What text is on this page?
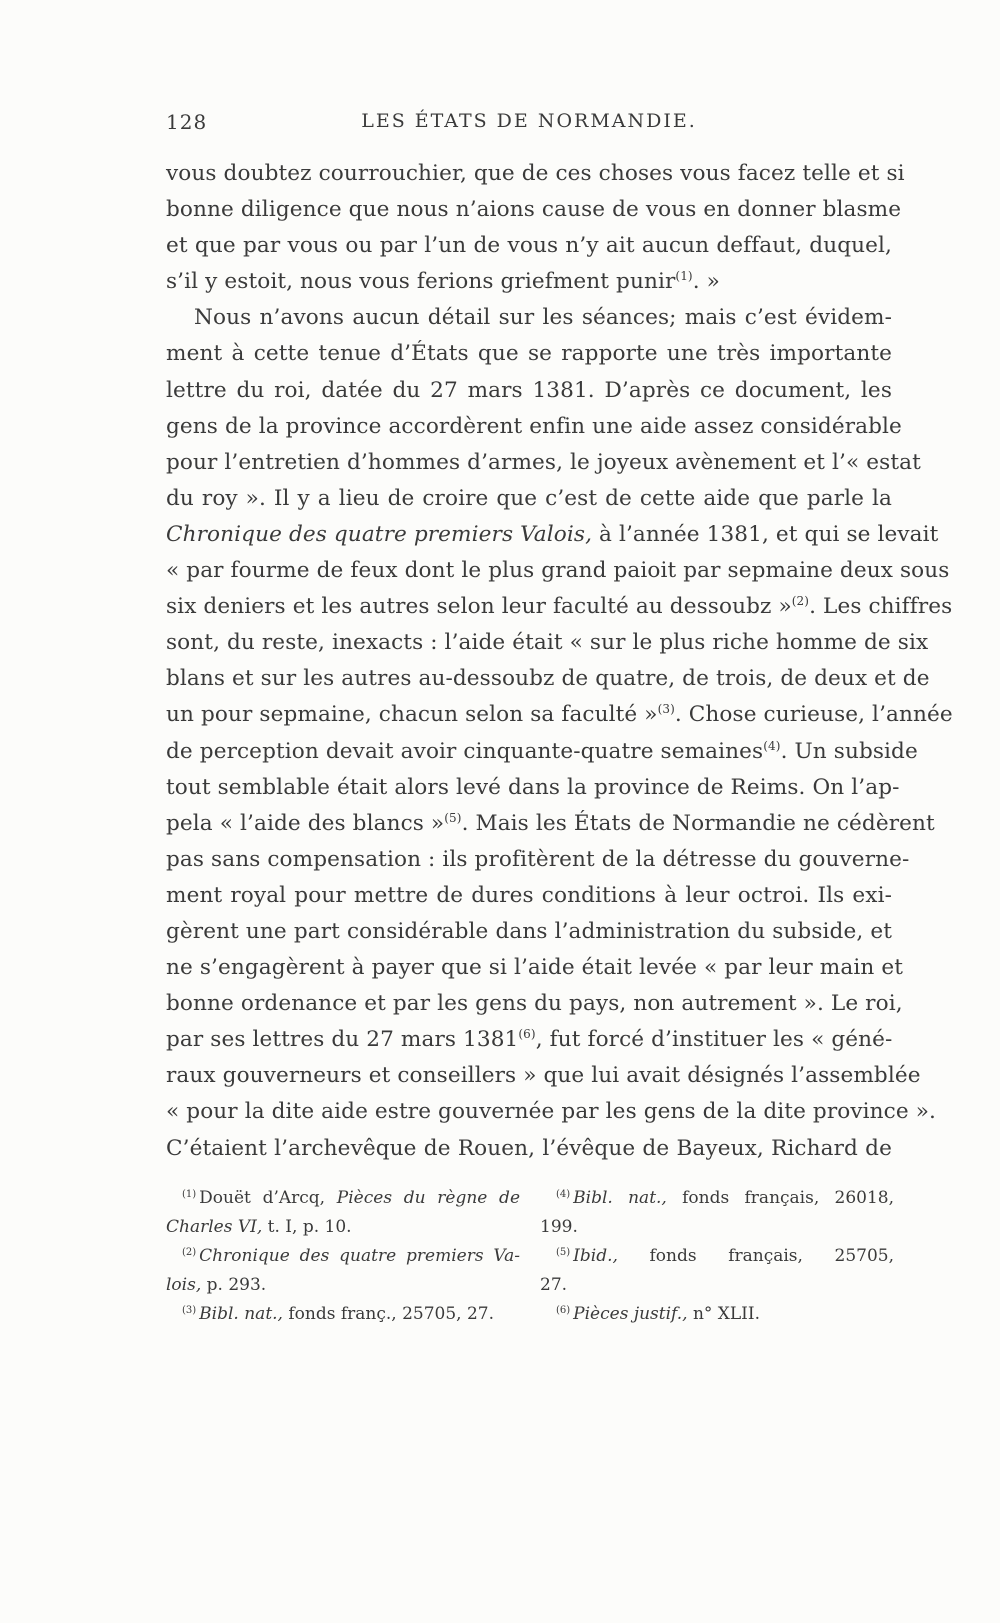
128	LES ÉTATS DE NORMANDIE.
vous doubtez courrouchier, que de ces choses vous facez telle et si
bonne diligence que nous n’aions cause de vous en donner blasme
et que par vous ou par l’un de vous n’y ait aucun deffaut, duquel,
s’il y estoit, nous vous ferions griefment punir$^{(1)}$. »
Nous n’avons aucun détail sur les séances; mais c’est évidem-
ment à cette tenue d’États que se rapporte une très importante
lettre du roi, datée du 27 mars 1381. D’après ce document, les
gens de la province accordèrent enfin une aide assez considérable
pour l’entretien d’hommes d’armes, le joyeux avènement et l’« estat
du roy ». Il y a lieu de croire que c’est de cette aide que parle la
Chronique des quatre premiers Valois, à l’année 1381, et qui se levait
« par fourme de feux dont le plus grand paioit par sepmaine deux sous
six deniers et les autres selon leur faculté au dessoubz »$^{(2)}$. Les chiffres
sont, du reste, inexacts : l’aide était « sur le plus riche homme de six
blans et sur les autres au-dessoubz de quatre, de trois, de deux et de
un pour sepmaine, chacun selon sa faculté »$^{(3)}$. Chose curieuse, l’année
de perception devait avoir cinquante-quatre semaines$^{(4)}$. Un subside
tout semblable était alors levé dans la province de Reims. On l’ap-
pela « l’aide des blancs »$^{(5)}$. Mais les États de Normandie ne cédèrent
pas sans compensation : ils profitèrent de la détresse du gouverne-
ment royal pour mettre de dures conditions à leur octroi. Ils exi-
gèrent une part considérable dans l’administration du subside, et
ne s’engagèrent à payer que si l’aide était levée « par leur main et
bonne ordenance et par les gens du pays, non autrement ». Le roi,
par ses lettres du 27 mars 1381$^{(6)}$, fut forcé d’instituer les « géné-
raux gouverneurs et conseillers » que lui avait désignés l’assemblée
« pour la dite aide estre gouvernée par les gens de la dite province ».
C’étaient l’archevêque de Rouen, l’évêque de Bayeux, Richard de
$^{(1)}$ Douët d’Arcq, Pièces du règne de
Charles VI, t. I, p. 10.
$^{(2)}$ Chronique des quatre premiers Va-
lois, p. 293.
$^{(3)}$ Bibl. nat., fonds franç., 25705, 27.
$^{(4)}$ Bibl. nat., fonds français, 26018,
199.
$^{(5)}$ Ibid., fonds français, 25705,
27.
$^{(6)}$ Pièces justif., n° XLII.
